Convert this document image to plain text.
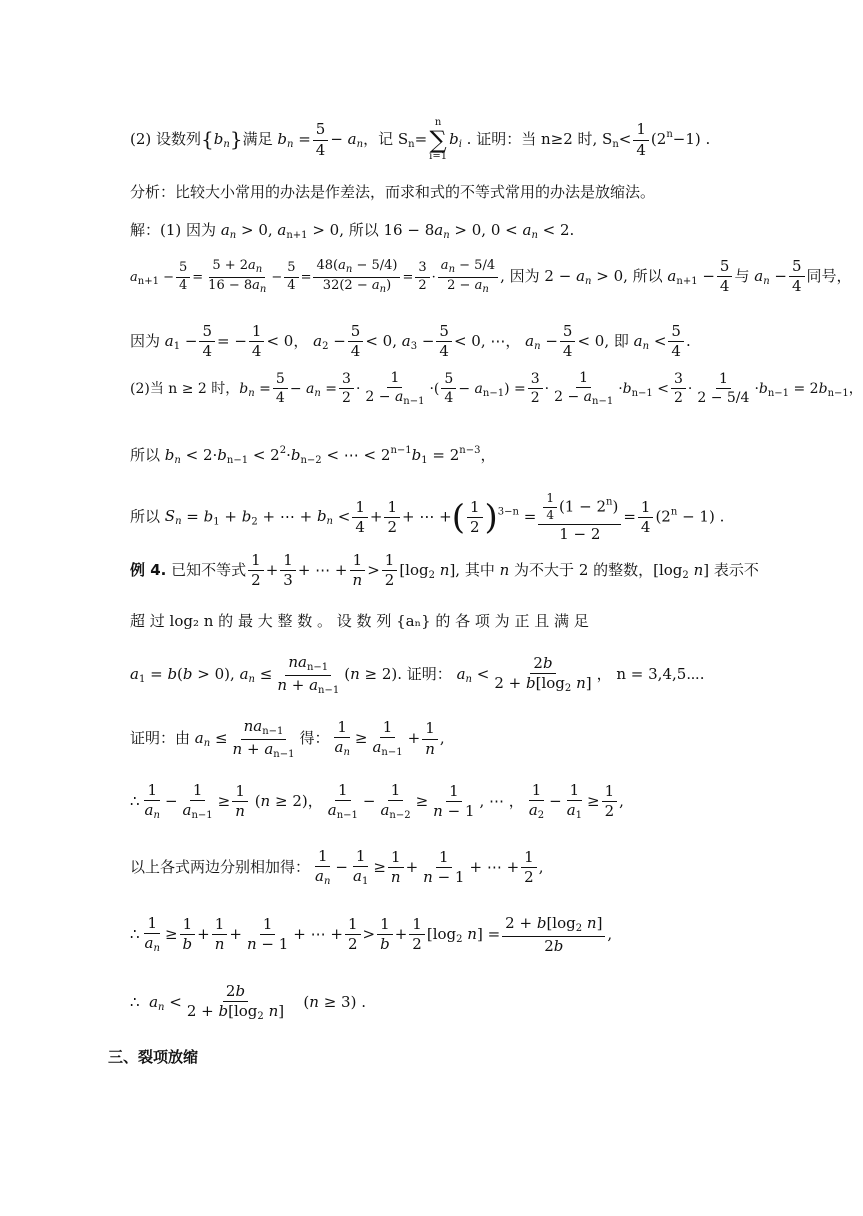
(2) 设数列$\{b_n\}$满足 $b_n = \frac{5}{4} - a_n$，记 $S_n=$
n
∑
i=1
$b_i$ . 证明：当 n≥2 时, $S_n< \frac{1}{4} (2^n-1)$ .
分析：比较大小常用的办法是作差法，而求和式的不等式常用的办法是放缩法。
解：(1) 因为 $a_n > 0$, $a_{n+1} > 0$, 所以 $16 - 8a_n > 0$, $0 < a_n < 2$.
$a_{n+1} - \frac{5}{4} = \frac{5 + 2a_n}{16 - 8a_n} - \frac{5}{4} = \frac{48(a_n - 5/4)}{32(2 - a_n)} = \frac{3}{2} \cdot \frac{a_n - 5/4}{2 - a_n}$ , 因为 $2 - a_n > 0$, 所以 $a_{n+1} - \frac{5}{4}$ 与 $a_n - \frac{5}{4}$ 同号，
因为 $a_1 - \frac{5}{4}$ = − $\frac{1}{4} < 0$， $a_2 - \frac{5}{4} < 0$, $a_3 - \frac{5}{4} < 0$, ⋯， $a_n - \frac{5}{4} < 0$, 即 $a_n < \frac{5}{4}$ .
(2)当 n ≥ 2 时，$b_n = \frac{5}{4} - a_n = \frac{3}{2} \cdot \frac{1}{2 - a_{n-1}}$ ·( $\frac{5}{4} - a_{n-1}) = \frac{3}{2} \cdot \frac{1}{2 - a_{n-1}} \cdot b_{n-1} < \frac{3}{2} \cdot \frac{1}{2 - 5/4} \cdot b_{n-1} = 2b_{n-1}$，
所以 $b_n < 2\cdot b_{n-1} < 2^2\cdot b_{n-2}$ < ⋯ < $2^{n-1}b_1 = 2^{n-3}$，
所以 $S_n = b_1 + b_2$ + ⋯ + $b_n < \frac{1}{4} + \frac{1}{2}$ + ⋯ +( $\frac{1}{2} )^{3-n} = \frac{\frac{1}{4} (1 - 2^n)}{1 - 2} = \frac{1}{4} (2^n - 1)$ .
例 4. 已知不等式 $\frac{1}{2} + \frac{1}{3}$ + ⋯ + $\frac{1}{n} > \frac{1}{2} [\log_2$ n], 其中 n 为不大于 2 的整数，[$\log_2$ n] 表示不
超 过 log₂ n 的 最 大 整 数 。 设 数 列 {aₙ} 的 各 项 为 正 且 满 足
$a_1 = b(b > 0)$, $a_n$ ≤
$na_{n-1}$
$n + a_{n-1}$
(n ≥ 2). 证明： $a_n < \frac{2b}{2 + b[\log_2 n]}$ ， n = 3,4,5⋯.
证明：由 $a_n$ ≤
$na_{n-1}$
$n + a_{n-1}$
得： $\frac{1}{a_n} \ge \frac{1}{a_{n-1}} + \frac{1}{n}$ ,
∴ $\frac{1}{a_n} - \frac{1}{a_{n-1}} \ge \frac{1}{n} (n \ge 2)$， $\frac{1}{a_{n-1}} - \frac{1}{a_{n-2}} \ge \frac{1}{n - 1}$ , ⋯ ， $\frac{1}{a_2} - \frac{1}{a_1} \ge \frac{1}{2}$ ,
以上各式两边分别相加得： $\frac{1}{a_n} - \frac{1}{a_1} \ge \frac{1}{n} + \frac{1}{n - 1}$ + ⋯ + $\frac{1}{2}$ ,
∴ $\frac{1}{a_n} \ge \frac{1}{b} + \frac{1}{n} + \frac{1}{n - 1}$ + ⋯ + $\frac{1}{2} > \frac{1}{b} + \frac{1}{2} [\log_2$ $n] = \frac{2 + b[\log_2 n]}{2b}$ ,
∴  $a_n < \frac{2b}{2 + b[\log_2 n]} (n \ge 3)$ .
三、裂项放缩
